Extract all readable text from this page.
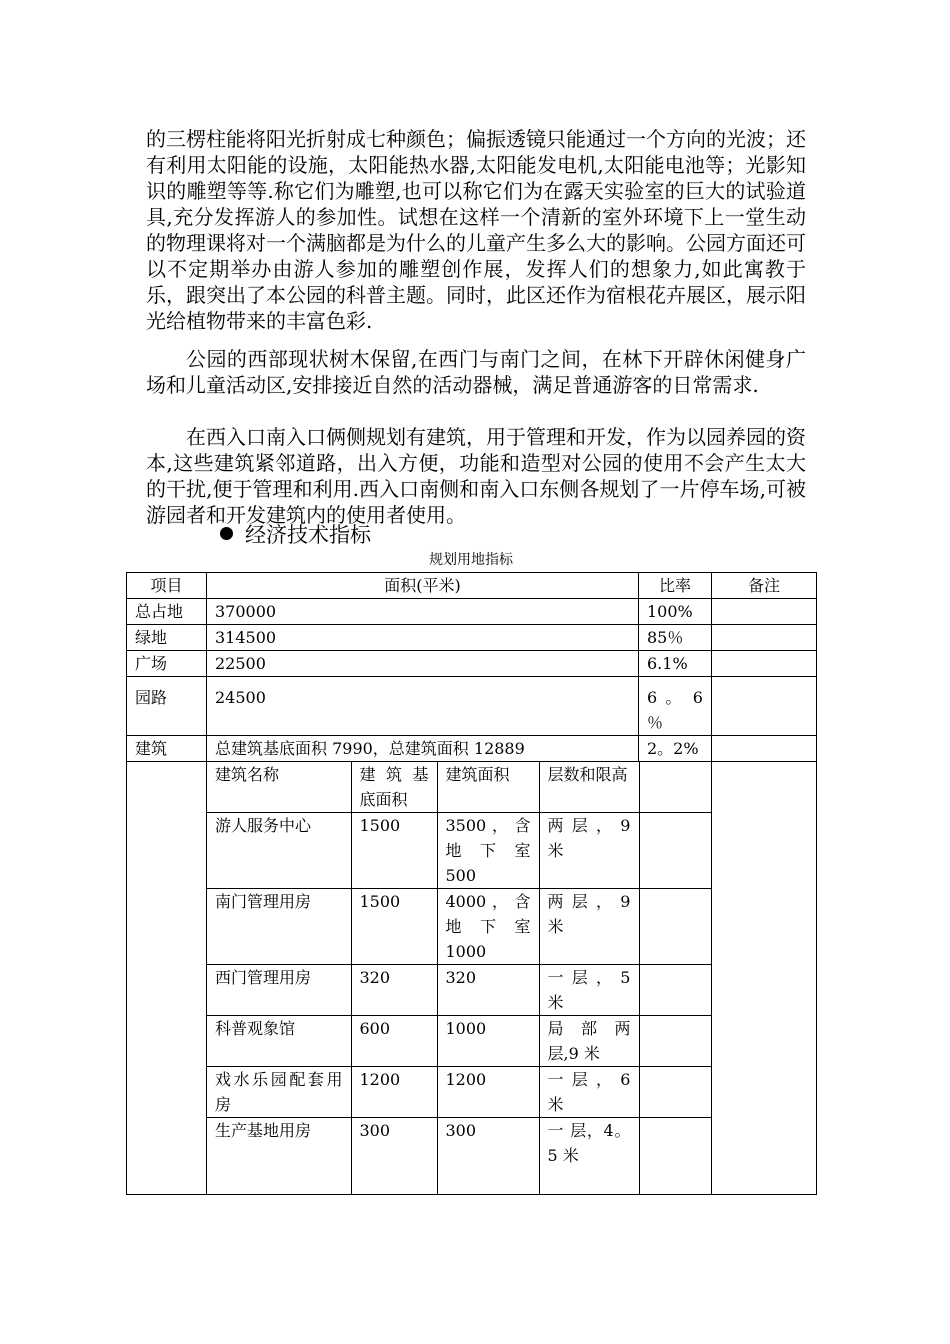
的三楞柱能将阳光折射成七种颜色；偏振透镜只能通过一个方向的光波；还有利用太阳能的设施，太阳能热水器,太阳能发电机,太阳能电池等；光影知识的雕塑等等.称它们为雕塑,也可以称它们为在露天实验室的巨大的试验道具,充分发挥游人的参加性。试想在这样一个清新的室外环境下上一堂生动的物理课将对一个满脑都是为什么的儿童产生多么大的影响。公园方面还可以不定期举办由游人参加的雕塑创作展，发挥人们的想象力,如此寓教于乐，跟突出了本公园的科普主题。同时，此区还作为宿根花卉展区，展示阳光给植物带来的丰富色彩.

公园的西部现状树木保留,在西门与南门之间，在林下开辟休闲健身广场和儿童活动区,安排接近自然的活动器械，满足普通游客的日常需求.

在西入口南入口俩侧规划有建筑，用于管理和开发，作为以园养园的资本,这些建筑紧邻道路，出入方便，功能和造型对公园的使用不会产生太大的干扰,便于管理和利用.西入口南侧和南入口东侧各规划了一片停车场,可被游园者和开发建筑内的使用者使用。

经济技术指标
规划用地指标
项目	面积(平米)	比率	备注
总占地	370000	100%	
绿地	314500	85％	
广场	22500	6.1%	
园路	24500	6 。 6 ％	
建筑	总建筑基底面积 7990，总建筑面积 12889	2。2%	

建筑名称	建 筑 基 底面积	建筑面积	层数和限高	
游人服务中心	1500	3500 ， 含 地 下 室 500	两 层 ， 9 米	
南门管理用房	1500	4000 ， 含 地 下 室 1000	两 层 ， 9 米	
西门管理用房	320	320	一 层 ， 5 米	
科普观象馆	600	1000	局 部 两 层,9 米	
戏水乐园配套用房	1200	1200	一 层 ， 6 米	
生产基地用房	300	300	一 层，4。5 米	
